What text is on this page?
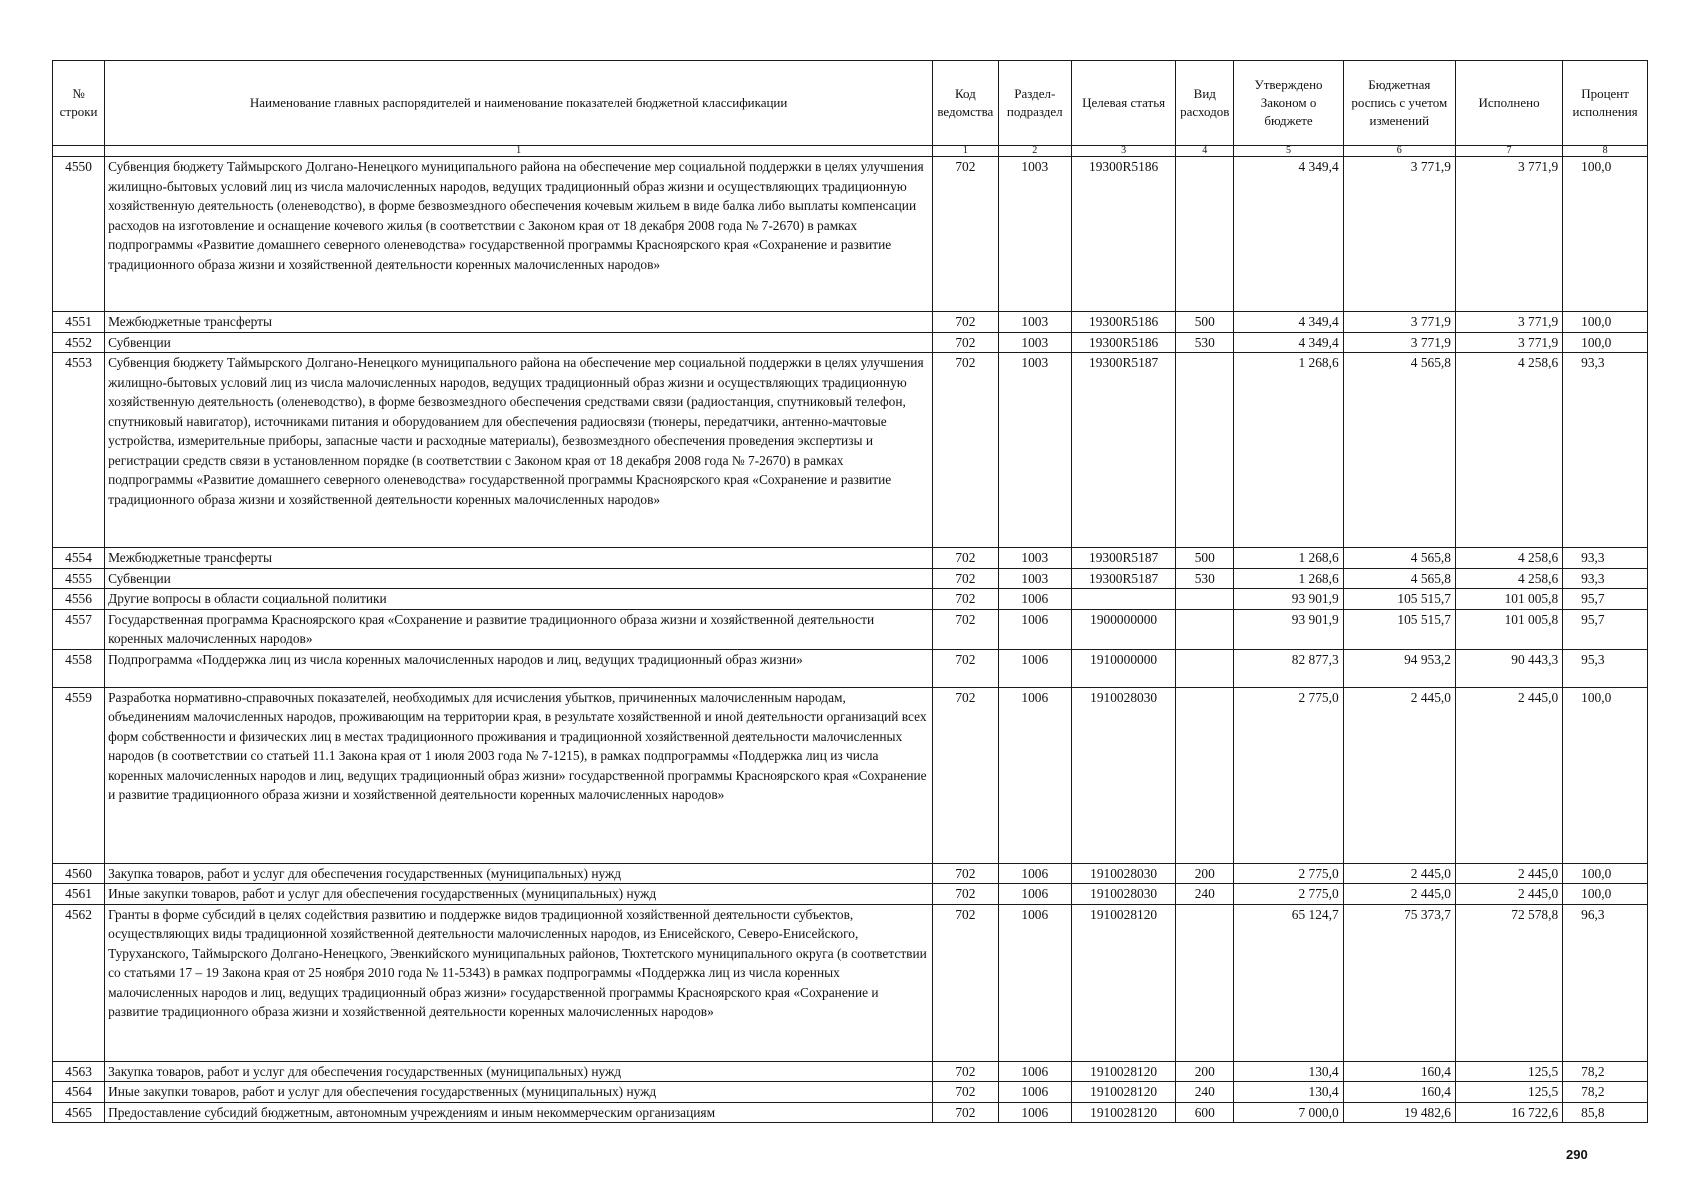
№ строки	Наименование главных распорядителей и наименование показателей бюджетной классификации	Код ведомства	Раздел-подраздел	Целевая статья	Вид расходов	Утверждено Законом о бюджете	Бюджетная роспись с учетом изменений	Исполнено	Процент исполнения
	1	1	2	3	4	5	6	7	8
4550	Субвенция бюджету Таймырского Долгано-Ненецкого муниципального района на обеспечение мер социальной поддержки в целях улучшения жилищно-бытовых условий лиц из числа малочисленных народов, ведущих традиционный образ жизни и осуществляющих традиционную хозяйственную деятельность (оленеводство), в форме безвозмездного обеспечения кочевым жильем в виде балка либо выплаты компенсации расходов на изготовление и оснащение кочевого жилья (в соответствии с Законом края от 18 декабря 2008 года № 7-2670) в рамках подпрограммы «Развитие домашнего северного оленеводства» государственной программы Красноярского края «Сохранение и развитие традиционного образа жизни и хозяйственной деятельности коренных малочисленных народов»	702	1003	19300R5186		4 349,4	3 771,9	3 771,9	100,0
4551	Межбюджетные трансферты	702	1003	19300R5186	500	4 349,4	3 771,9	3 771,9	100,0
4552	Субвенции	702	1003	19300R5186	530	4 349,4	3 771,9	3 771,9	100,0
4553	Субвенция бюджету Таймырского Долгано-Ненецкого муниципального района на обеспечение мер социальной поддержки в целях улучшения жилищно-бытовых условий лиц из числа малочисленных народов, ведущих традиционный образ жизни и осуществляющих традиционную хозяйственную деятельность (оленеводство), в форме безвозмездного обеспечения средствами связи (радиостанция, спутниковый телефон, спутниковый навигатор), источниками питания и оборудованием для обеспечения радиосвязи (тюнеры, передатчики, антенно-мачтовые устройства, измерительные приборы, запасные части и расходные материалы), безвозмездного обеспечения проведения экспертизы и регистрации средств связи в установленном порядке (в соответствии с Законом края от 18 декабря 2008 года № 7-2670) в рамках подпрограммы «Развитие домашнего северного оленеводства» государственной программы Красноярского края «Сохранение и развитие традиционного образа жизни и хозяйственной деятельности коренных малочисленных народов»	702	1003	19300R5187		1 268,6	4 565,8	4 258,6	93,3
4554	Межбюджетные трансферты	702	1003	19300R5187	500	1 268,6	4 565,8	4 258,6	93,3
4555	Субвенции	702	1003	19300R5187	530	1 268,6	4 565,8	4 258,6	93,3
4556	Другие вопросы в области социальной политики	702	1006			93 901,9	105 515,7	101 005,8	95,7
4557	Государственная программа Красноярского края «Сохранение и развитие традиционного образа жизни и хозяйственной деятельности коренных малочисленных народов»	702	1006	1900000000		93 901,9	105 515,7	101 005,8	95,7
4558	Подпрограмма «Поддержка лиц из числа коренных малочисленных народов и лиц, ведущих традиционный образ жизни»	702	1006	1910000000		82 877,3	94 953,2	90 443,3	95,3
4559	Разработка нормативно-справочных показателей, необходимых для исчисления убытков, причиненных малочисленным народам, объединениям малочисленных народов, проживающим на территории края, в результате хозяйственной и иной деятельности организаций всех форм собственности и физических лиц в местах традиционного проживания и традиционной хозяйственной деятельности малочисленных народов (в соответствии со статьей 11.1 Закона края от 1 июля 2003 года № 7-1215), в рамках подпрограммы «Поддержка лиц из числа коренных малочисленных народов и лиц, ведущих традиционный образ жизни» государственной программы Красноярского края «Сохранение и развитие традиционного образа жизни и хозяйственной деятельности коренных малочисленных народов»	702	1006	1910028030		2 775,0	2 445,0	2 445,0	100,0
4560	Закупка товаров, работ и услуг для обеспечения государственных (муниципальных) нужд	702	1006	1910028030	200	2 775,0	2 445,0	2 445,0	100,0
4561	Иные закупки товаров, работ и услуг для обеспечения государственных (муниципальных) нужд	702	1006	1910028030	240	2 775,0	2 445,0	2 445,0	100,0
4562	Гранты в форме субсидий в целях содействия развитию и поддержке видов традиционной хозяйственной деятельности субъектов, осуществляющих виды традиционной хозяйственной деятельности малочисленных народов, из Енисейского, Северо-Енисейского, Туруханского, Таймырского Долгано-Ненецкого, Эвенкийского муниципальных районов, Тюхтетского муниципального округа (в соответствии со статьями 17 – 19 Закона края от 25 ноября 2010 года № 11-5343) в рамках подпрограммы «Поддержка лиц из числа коренных малочисленных народов и лиц, ведущих традиционный образ жизни» государственной программы Красноярского края «Сохранение и развитие традиционного образа жизни и хозяйственной деятельности коренных малочисленных народов»	702	1006	1910028120		65 124,7	75 373,7	72 578,8	96,3
4563	Закупка товаров, работ и услуг для обеспечения государственных (муниципальных) нужд	702	1006	1910028120	200	130,4	160,4	125,5	78,2
4564	Иные закупки товаров, работ и услуг для обеспечения государственных (муниципальных) нужд	702	1006	1910028120	240	130,4	160,4	125,5	78,2
4565	Предоставление субсидий бюджетным, автономным учреждениям и иным некоммерческим организациям	702	1006	1910028120	600	7 000,0	19 482,6	16 722,6	85,8
290
